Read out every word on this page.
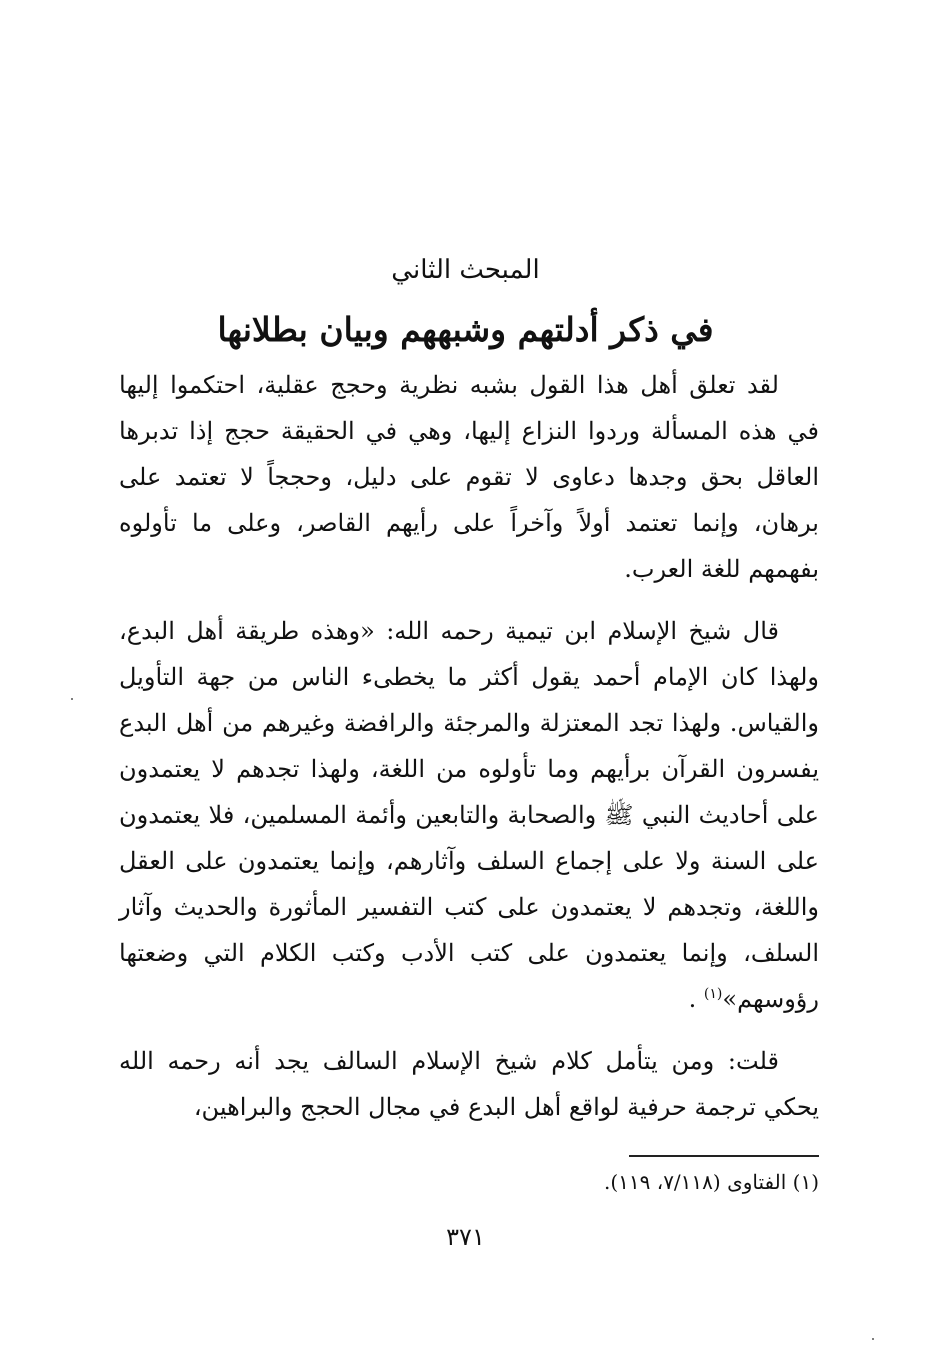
المبحث الثاني
في ذكر أدلتهم وشبههم وبيان بطلانها

لقد تعلق أهل هذا القول بشبه نظرية وحجج عقلية، احتكموا إليها في هذه المسألة وردوا النزاع إليها، وهي في الحقيقة حجج إذا تدبرها العاقل بحق وجدها دعاوى لا تقوم على دليل، وحججاً لا تعتمد على برهان، وإنما تعتمد أولاً وآخراً على رأيهم القاصر، وعلى ما تأولوه بفهمهم للغة العرب.

قال شيخ الإسلام ابن تيمية رحمه الله: «وهذه طريقة أهل البدع، ولهذا كان الإمام أحمد يقول أكثر ما يخطىء الناس من جهة التأويل والقياس. ولهذا تجد المعتزلة والمرجئة والرافضة وغيرهم من أهل البدع يفسرون القرآن برأيهم وما تأولوه من اللغة، ولهذا تجدهم لا يعتمدون على أحاديث النبي ﷺ والصحابة والتابعين وأئمة المسلمين، فلا يعتمدون على السنة ولا على إجماع السلف وآثارهم، وإنما يعتمدون على العقل واللغة، وتجدهم لا يعتمدون على كتب التفسير المأثورة والحديث وآثار السلف، وإنما يعتمدون على كتب الأدب وكتب الكلام التي وضعتها رؤوسهم»$^{(١)}$ .

قلت: ومن يتأمل كلام شيخ الإسلام السالف يجد أنه رحمه الله يحكي ترجمة حرفية لواقع أهل البدع في مجال الحجج والبراهين،

(١) الفتاوى (٧/١١٨، ١١٩).
٣٧١
